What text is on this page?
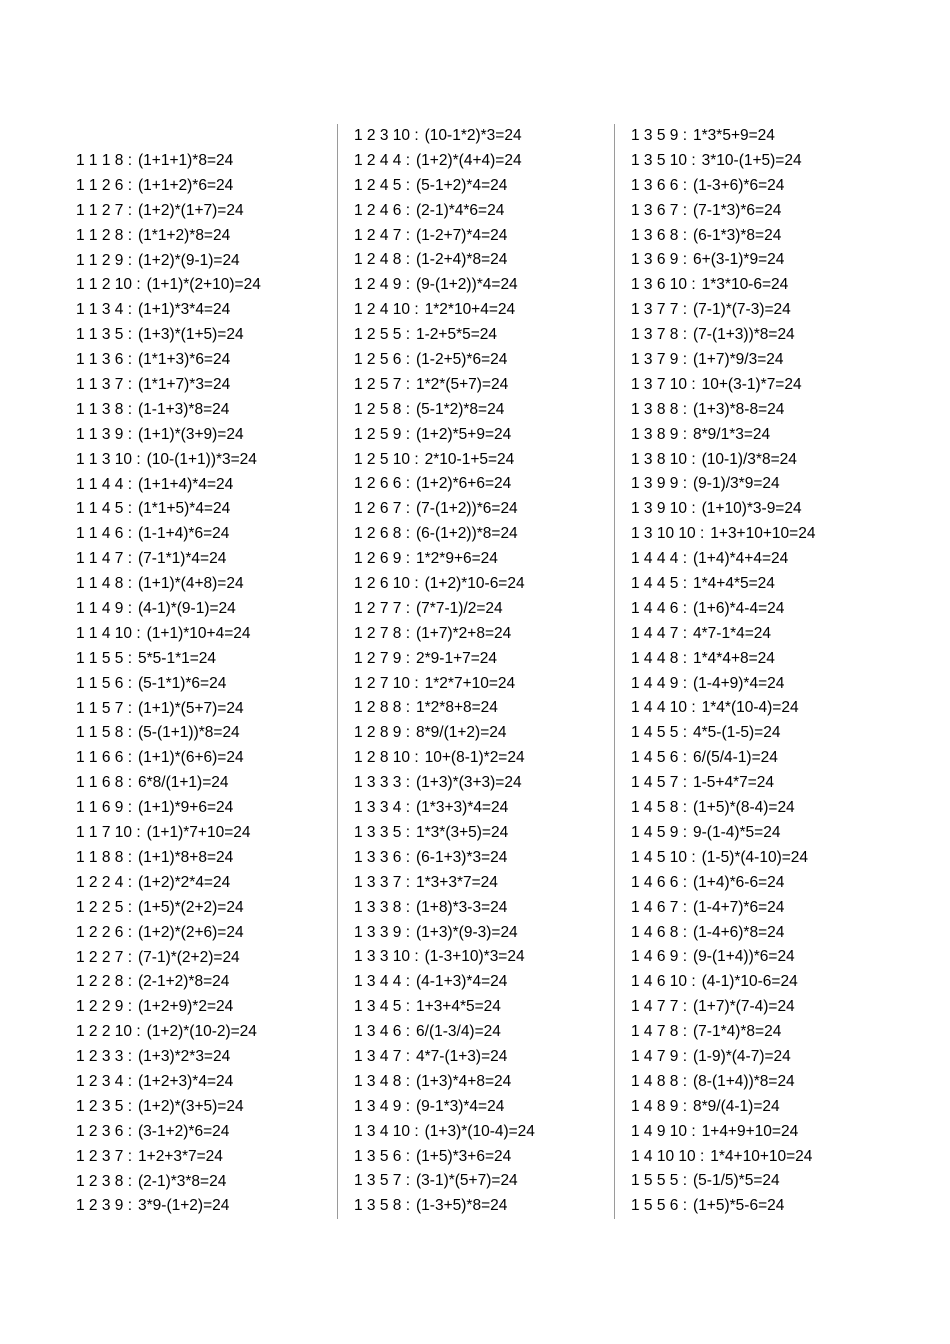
1 1 1 8 : (1+1+1)*8=24
1 1 2 6 : (1+1+2)*6=24
1 1 2 7 : (1+2)*(1+7)=24
1 1 2 8 : (1*1+2)*8=24
1 1 2 9 : (1+2)*(9-1)=24
1 1 2 10 : (1+1)*(2+10)=24
1 1 3 4 : (1+1)*3*4=24
1 1 3 5 : (1+3)*(1+5)=24
1 1 3 6 : (1*1+3)*6=24
1 1 3 7 : (1*1+7)*3=24
1 1 3 8 : (1-1+3)*8=24
1 1 3 9 : (1+1)*(3+9)=24
1 1 3 10 : (10-(1+1))*3=24
1 1 4 4 : (1+1+4)*4=24
1 1 4 5 : (1*1+5)*4=24
1 1 4 6 : (1-1+4)*6=24
1 1 4 7 : (7-1*1)*4=24
1 1 4 8 : (1+1)*(4+8)=24
1 1 4 9 : (4-1)*(9-1)=24
1 1 4 10 : (1+1)*10+4=24
1 1 5 5 : 5*5-1*1=24
1 1 5 6 : (5-1*1)*6=24
1 1 5 7 : (1+1)*(5+7)=24
1 1 5 8 : (5-(1+1))*8=24
1 1 6 6 : (1+1)*(6+6)=24
1 1 6 8 : 6*8/(1+1)=24
1 1 6 9 : (1+1)*9+6=24
1 1 7 10 : (1+1)*7+10=24
1 1 8 8 : (1+1)*8+8=24
1 2 2 4 : (1+2)*2*4=24
1 2 2 5 : (1+5)*(2+2)=24
1 2 2 6 : (1+2)*(2+6)=24
1 2 2 7 : (7-1)*(2+2)=24
1 2 2 8 : (2-1+2)*8=24
1 2 2 9 : (1+2+9)*2=24
1 2 2 10 : (1+2)*(10-2)=24
1 2 3 3 : (1+3)*2*3=24
1 2 3 4 : (1+2+3)*4=24
1 2 3 5 : (1+2)*(3+5)=24
1 2 3 6 : (3-1+2)*6=24
1 2 3 7 : 1+2+3*7=24
1 2 3 8 : (2-1)*3*8=24
1 2 3 9 : 3*9-(1+2)=24
1 2 3 10 : (10-1*2)*3=24
1 2 4 4 : (1+2)*(4+4)=24
1 2 4 5 : (5-1+2)*4=24
1 2 4 6 : (2-1)*4*6=24
1 2 4 7 : (1-2+7)*4=24
1 2 4 8 : (1-2+4)*8=24
1 2 4 9 : (9-(1+2))*4=24
1 2 4 10 : 1*2*10+4=24
1 2 5 5 : 1-2+5*5=24
1 2 5 6 : (1-2+5)*6=24
1 2 5 7 : 1*2*(5+7)=24
1 2 5 8 : (5-1*2)*8=24
1 2 5 9 : (1+2)*5+9=24
1 2 5 10 : 2*10-1+5=24
1 2 6 6 : (1+2)*6+6=24
1 2 6 7 : (7-(1+2))*6=24
1 2 6 8 : (6-(1+2))*8=24
1 2 6 9 : 1*2*9+6=24
1 2 6 10 : (1+2)*10-6=24
1 2 7 7 : (7*7-1)/2=24
1 2 7 8 : (1+7)*2+8=24
1 2 7 9 : 2*9-1+7=24
1 2 7 10 : 1*2*7+10=24
1 2 8 8 : 1*2*8+8=24
1 2 8 9 : 8*9/(1+2)=24
1 2 8 10 : 10+(8-1)*2=24
1 3 3 3 : (1+3)*(3+3)=24
1 3 3 4 : (1*3+3)*4=24
1 3 3 5 : 1*3*(3+5)=24
1 3 3 6 : (6-1+3)*3=24
1 3 3 7 : 1*3+3*7=24
1 3 3 8 : (1+8)*3-3=24
1 3 3 9 : (1+3)*(9-3)=24
1 3 3 10 : (1-3+10)*3=24
1 3 4 4 : (4-1+3)*4=24
1 3 4 5 : 1+3+4*5=24
1 3 4 6 : 6/(1-3/4)=24
1 3 4 7 : 4*7-(1+3)=24
1 3 4 8 : (1+3)*4+8=24
1 3 4 9 : (9-1*3)*4=24
1 3 4 10 : (1+3)*(10-4)=24
1 3 5 6 : (1+5)*3+6=24
1 3 5 7 : (3-1)*(5+7)=24
1 3 5 8 : (1-3+5)*8=24
1 3 5 9 : 1*3*5+9=24
1 3 5 10 : 3*10-(1+5)=24
1 3 6 6 : (1-3+6)*6=24
1 3 6 7 : (7-1*3)*6=24
1 3 6 8 : (6-1*3)*8=24
1 3 6 9 : 6+(3-1)*9=24
1 3 6 10 : 1*3*10-6=24
1 3 7 7 : (7-1)*(7-3)=24
1 3 7 8 : (7-(1+3))*8=24
1 3 7 9 : (1+7)*9/3=24
1 3 7 10 : 10+(3-1)*7=24
1 3 8 8 : (1+3)*8-8=24
1 3 8 9 : 8*9/1*3=24
1 3 8 10 : (10-1)/3*8=24
1 3 9 9 : (9-1)/3*9=24
1 3 9 10 : (1+10)*3-9=24
1 3 10 10 : 1+3+10+10=24
1 4 4 4 : (1+4)*4+4=24
1 4 4 5 : 1*4+4*5=24
1 4 4 6 : (1+6)*4-4=24
1 4 4 7 : 4*7-1*4=24
1 4 4 8 : 1*4*4+8=24
1 4 4 9 : (1-4+9)*4=24
1 4 4 10 : 1*4*(10-4)=24
1 4 5 5 : 4*5-(1-5)=24
1 4 5 6 : 6/(5/4-1)=24
1 4 5 7 : 1-5+4*7=24
1 4 5 8 : (1+5)*(8-4)=24
1 4 5 9 : 9-(1-4)*5=24
1 4 5 10 : (1-5)*(4-10)=24
1 4 6 6 : (1+4)*6-6=24
1 4 6 7 : (1-4+7)*6=24
1 4 6 8 : (1-4+6)*8=24
1 4 6 9 : (9-(1+4))*6=24
1 4 6 10 : (4-1)*10-6=24
1 4 7 7 : (1+7)*(7-4)=24
1 4 7 8 : (7-1*4)*8=24
1 4 7 9 : (1-9)*(4-7)=24
1 4 8 8 : (8-(1+4))*8=24
1 4 8 9 : 8*9/(4-1)=24
1 4 9 10 : 1+4+9+10=24
1 4 10 10 : 1*4+10+10=24
1 5 5 5 : (5-1/5)*5=24
1 5 5 6 : (1+5)*5-6=24
